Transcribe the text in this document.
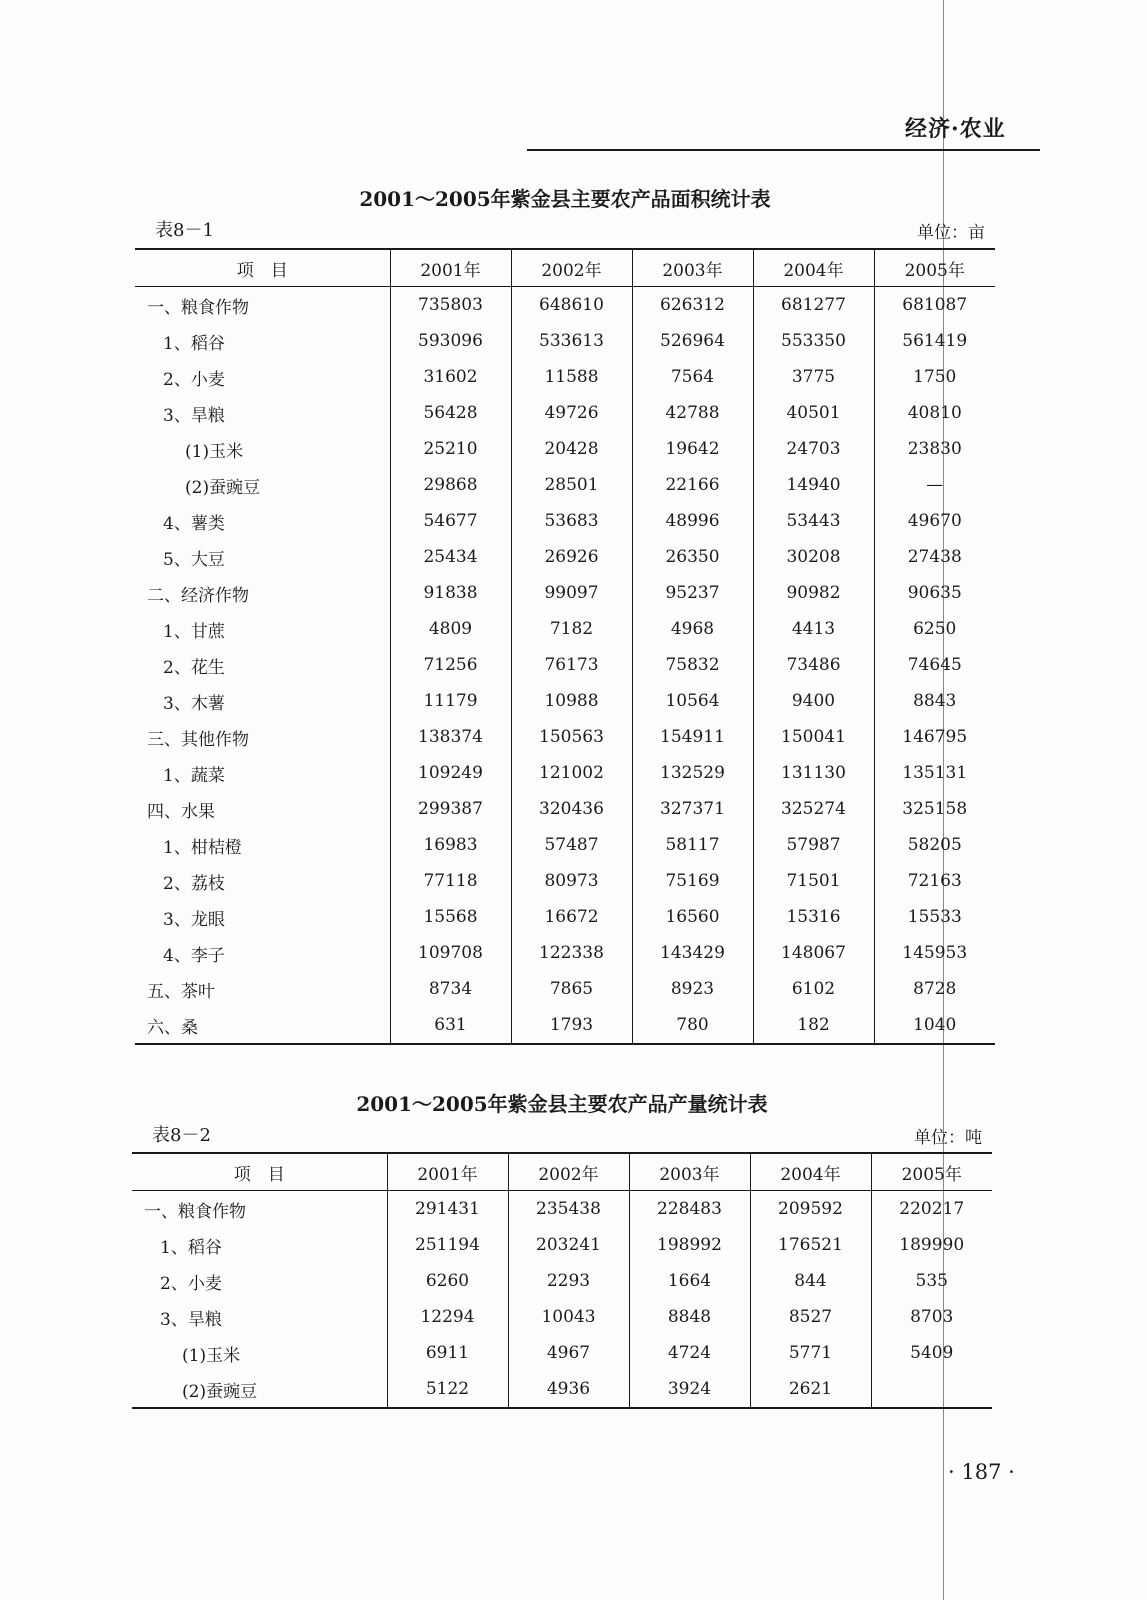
经济·农业
2001～2005年紫金县主要农产品面积统计表
表8－1	单位：亩
项　目	2001年	2002年	2003年	2004年	2005年
一、粮食作物	735803	648610	626312	681277	681087
1、稻谷	593096	533613	526964	553350	561419
2、小麦	31602	11588	7564	3775	1750
3、旱粮	56428	49726	42788	40501	40810
(1)玉米	25210	20428	19642	24703	23830
(2)蚕豌豆	29868	28501	22166	14940	—
4、薯类	54677	53683	48996	53443	49670
5、大豆	25434	26926	26350	30208	27438
二、经济作物	91838	99097	95237	90982	90635
1、甘蔗	4809	7182	4968	4413	6250
2、花生	71256	76173	75832	73486	74645
3、木薯	11179	10988	10564	9400	8843
三、其他作物	138374	150563	154911	150041	146795
1、蔬菜	109249	121002	132529	131130	135131
四、水果	299387	320436	327371	325274	325158
1、柑桔橙	16983	57487	58117	57987	58205
2、荔枝	77118	80973	75169	71501	72163
3、龙眼	15568	16672	16560	15316	15533
4、李子	109708	122338	143429	148067	145953
五、茶叶	8734	7865	8923	6102	8728
六、桑	631	1793	780	182	1040
2001～2005年紫金县主要农产品产量统计表
表8－2	单位：吨
项　目	2001年	2002年	2003年	2004年	2005年
一、粮食作物	291431	235438	228483	209592	220217
1、稻谷	251194	203241	198992	176521	189990
2、小麦	6260	2293	1664	844	535
3、旱粮	12294	10043	8848	8527	8703
(1)玉米	6911	4967	4724	5771	5409
(2)蚕豌豆	5122	4936	3924	2621	
· 187 ·
